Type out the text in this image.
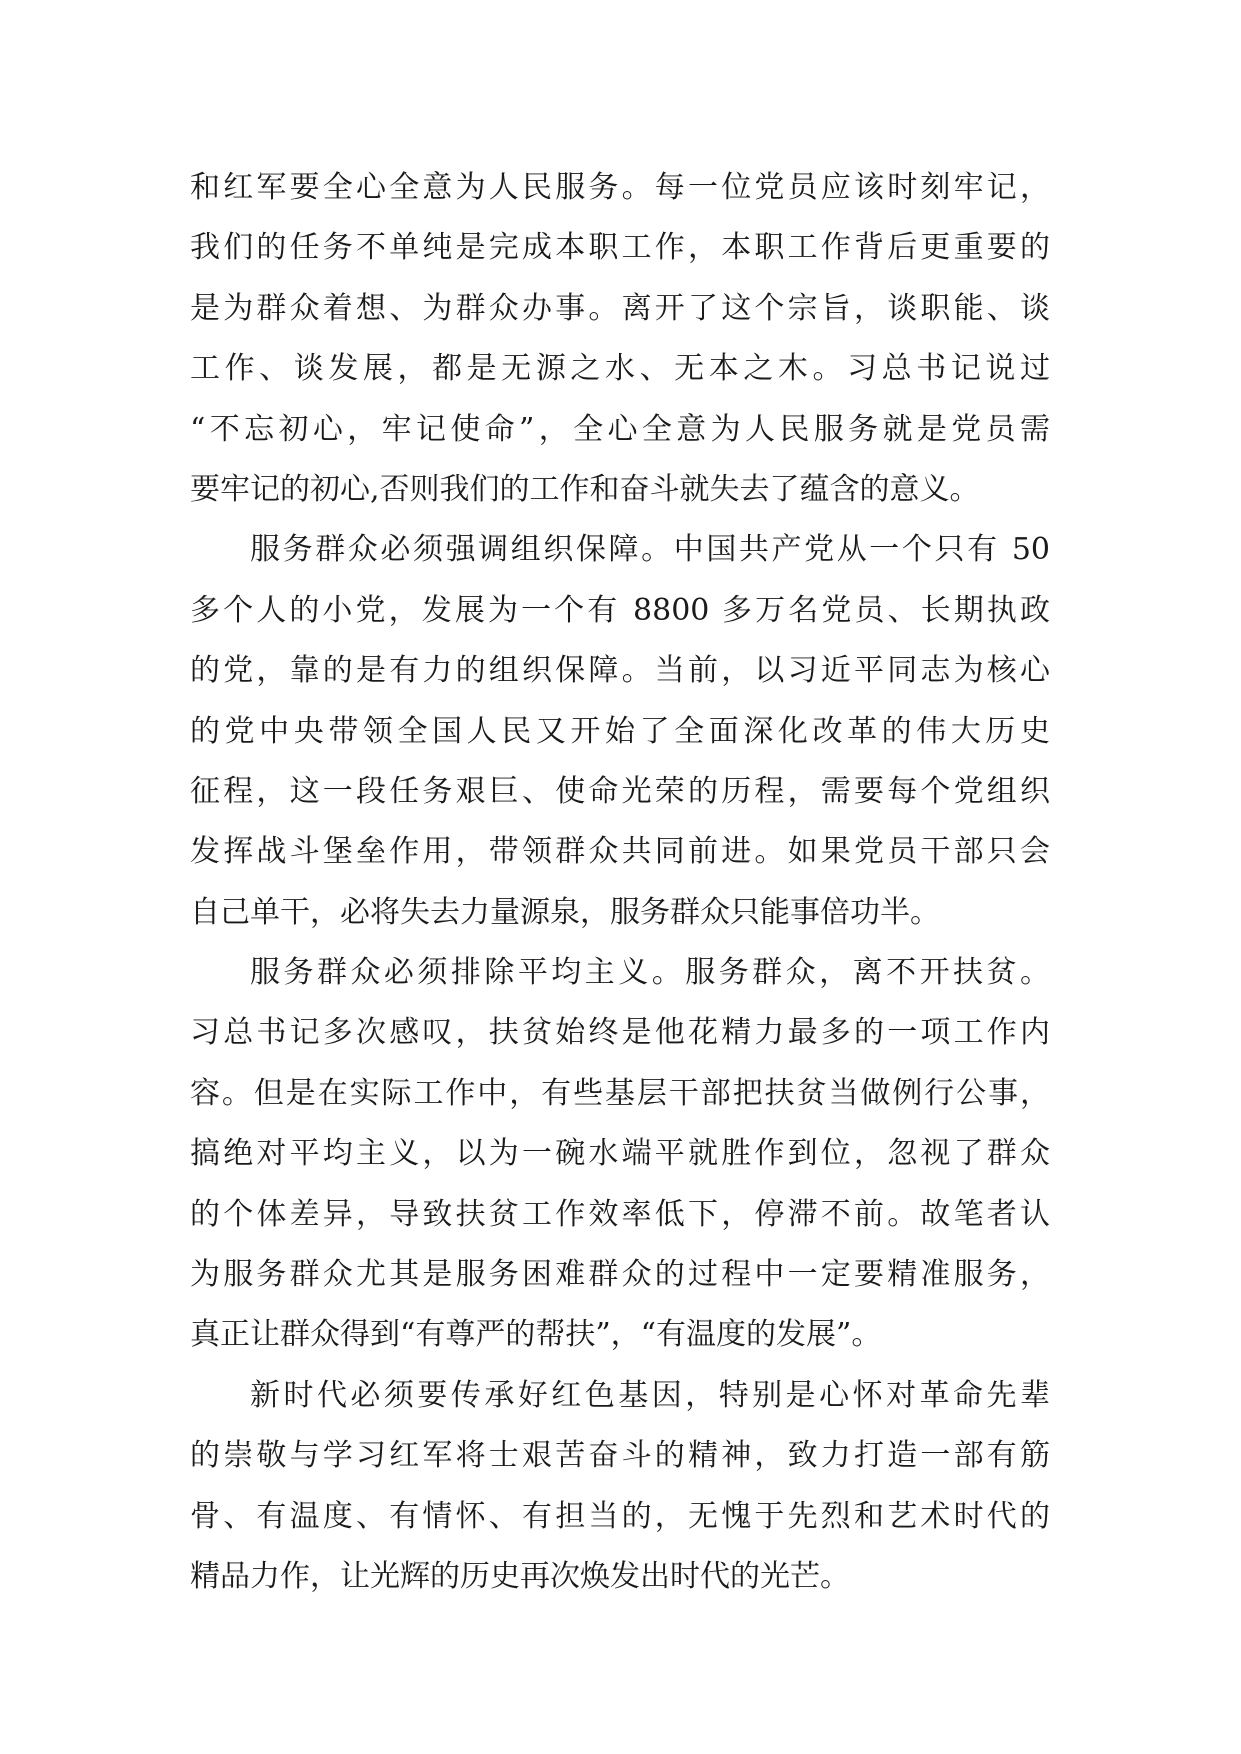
和红军要全心全意为人民服务。每一位党员应该时刻牢记，
我们的任务不单纯是完成本职工作，本职工作背后更重要的
是为群众着想、为群众办事。离开了这个宗旨，谈职能、谈
工作、谈发展，都是无源之水、无本之木。习总书记说过
“不忘初心，牢记使命”，全心全意为人民服务就是党员需
要牢记的初心,否则我们的工作和奋斗就失去了蕴含的意义。
服务群众必须强调组织保障。中国共产党从一个只有 50
多个人的小党，发展为一个有 8800 多万名党员、长期执政
的党，靠的是有力的组织保障。当前，以习近平同志为核心
的党中央带领全国人民又开始了全面深化改革的伟大历史
征程，这一段任务艰巨、使命光荣的历程，需要每个党组织
发挥战斗堡垒作用，带领群众共同前进。如果党员干部只会
自己单干，必将失去力量源泉，服务群众只能事倍功半。
服务群众必须排除平均主义。服务群众，离不开扶贫。
习总书记多次感叹，扶贫始终是他花精力最多的一项工作内
容。但是在实际工作中，有些基层干部把扶贫当做例行公事，
搞绝对平均主义，以为一碗水端平就胜作到位，忽视了群众
的个体差异，导致扶贫工作效率低下，停滞不前。故笔者认
为服务群众尤其是服务困难群众的过程中一定要精准服务，
真正让群众得到“有尊严的帮扶”，“有温度的发展”。
新时代必须要传承好红色基因，特别是心怀对革命先辈
的崇敬与学习红军将士艰苦奋斗的精神，致力打造一部有筋
骨、有温度、有情怀、有担当的，无愧于先烈和艺术时代的
精品力作，让光辉的历史再次焕发出时代的光芒。
